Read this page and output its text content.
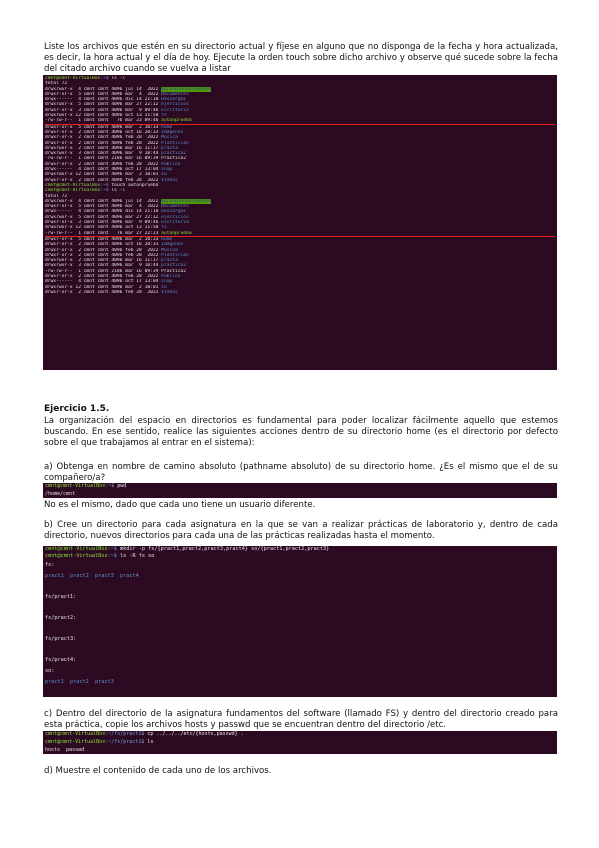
Liste los archivos que estén en su directorio actual y fíjese en alguno que no disponga de la fecha y hora actualizada, es decir, la hora actual y el día de hoy. Ejecute la orden touch sobre dicho archivo y observe qué sucede sobre la fecha del citado archivo cuando se vuelva a listar
cmnt@cmnt-VirtualBox:~$ ls -l
total 72
drwxrwxr-x  4 cmnt cmnt 4096 jul 14  2022 AprendiendoTodoCPU
drwxr-xr-x  5 cmnt cmnt 4096 mar  4  2022 Documentos
drwx------  4 cmnt cmnt 4096 dic 14 21:18 Descargas
drwxrwxr-x  5 cmnt cmnt 4096 mar 27 22:12 ejercicios
drwxr-xr-x  3 cmnt cmnt 4096 mar  9 09:46 Escritorio
drwxrwxr-x 12 cmnt cmnt 4096 oct 13 11:50 fs
-rw-rw-r--  1 cmnt cmnt   76 mar 23 09:46 autonprueba
drwxr-xr-x  5 cmnt cmnt 4096 mar  2 10:33 home
drwxr-xr-x  2 cmnt cmnt 4096 oct 16 20:33 Imágenes
drwxr-xr-x  2 cmnt cmnt 4096 feb 28  2022 Música
drwxr-xr-x  2 cmnt cmnt 4096 feb 28  2022 Plantillas
drwxrwxr-x  2 cmnt cmnt 4096 mar 16 11:17 pract3
drwxrwxr-x  3 cmnt cmnt 4096 mar  9 10:44 practica2
-rw-rw-r--  1 cmnt cmnt 2186 mar 16 09:39 Practica2
drwxr-xr-x  2 cmnt cmnt 4096 feb 28  2022 Público
drwx------  4 cmnt cmnt 4096 oct 17 13:04 snap
drwxrwxr-x 12 cmnt cmnt 4096 mar  2 10:01 so
drwxr-xr-x  2 cmnt cmnt 4096 feb 28  2022 Vídeos
cmnt@cmnt-VirtualBox:~$ touch autonprueba
cmnt@cmnt-VirtualBox:~$ ls -l
total 72
drwxrwxr-x  4 cmnt cmnt 4096 jul 14  2022 AprendiendoTodoCPU
drwxr-xr-x  5 cmnt cmnt 4096 mar  4  2022 Documentos
drwx------  4 cmnt cmnt 4096 dic 14 21:18 Descargas
drwxrwxr-x  5 cmnt cmnt 4096 mar 27 22:12 ejercicios
drwxr-xr-x  3 cmnt cmnt 4096 mar  9 09:46 Escritorio
drwxrwxr-x 12 cmnt cmnt 4096 oct 13 11:50 fs
-rw-rw-r--  1 cmnt cmnt   76 mar 27 22:23 autonprueba
drwxr-xr-x  5 cmnt cmnt 4096 mar  2 10:33 home
drwxr-xr-x  2 cmnt cmnt 4096 oct 16 20:33 Imágenes
drwxr-xr-x  2 cmnt cmnt 4096 feb 28  2022 Música
drwxr-xr-x  2 cmnt cmnt 4096 feb 28  2022 Plantillas
drwxrwxr-x  2 cmnt cmnt 4096 mar 16 11:17 pract3
drwxrwxr-x  3 cmnt cmnt 4096 mar  9 10:44 practica2
-rw-rw-r--  1 cmnt cmnt 2186 mar 16 09:39 Practica2
drwxr-xr-x  2 cmnt cmnt 4096 feb 28  2022 Público
drwx------  4 cmnt cmnt 4096 oct 17 13:04 snap
drwxrwxr-x 12 cmnt cmnt 4096 mar  2 10:01 so
drwxr-xr-x  2 cmnt cmnt 4096 feb 28  2022 Vídeos
Ejercicio 1.5.
La organización del espacio en directorios es fundamental para poder localizar fácilmente aquello que estemos buscando. En ese sentido, realice las siguientes acciones dentro de su directorio home (es el directorio por defecto sobre el que trabajamos al entrar en el sistema):
a) Obtenga en nombre de camino absoluto (pathname absoluto) de su directorio home. ¿Es el mismo que el de su compañero/a?
cmnt@cmnt-VirtualBox:~$ pwd
/home/cmnt
No es el mismo, dado que cada uno tiene un usuario diferente.
b) Cree un directorio para cada asignatura en la que se van a realizar prácticas de laboratorio y, dentro de cada directorio, nuevos directorios para cada una de las prácticas realizadas hasta el momento.
cmnt@cmnt-VirtualBox:~$ mkdir -p fs/{pract1,pract2,pract3,pract4} so/{pract1,pract2,pract3}
cmnt@cmnt-VirtualBox:~$ ls -R fs so
fs:
pract1  pract2  pract3  pract4
fs/pract1:
fs/pract2:
fs/pract3:
fs/pract4:
so:
pract1  pract2  pract3
c) Dentro del directorio de la asignatura fundamentos del software (llamado FS) y dentro del directorio creado para esta práctica, copie los archivos hosts y passwd que se encuentran dentro del directorio /etc.
cmnt@cmnt-VirtualBox:~/fs/pract1$ cp ../../../etc/{hosts,passwd} .
cmnt@cmnt-VirtualBox:~/fs/pract1$ ls
hosts  passwd
d) Muestre el contenido de cada uno de los archivos.
